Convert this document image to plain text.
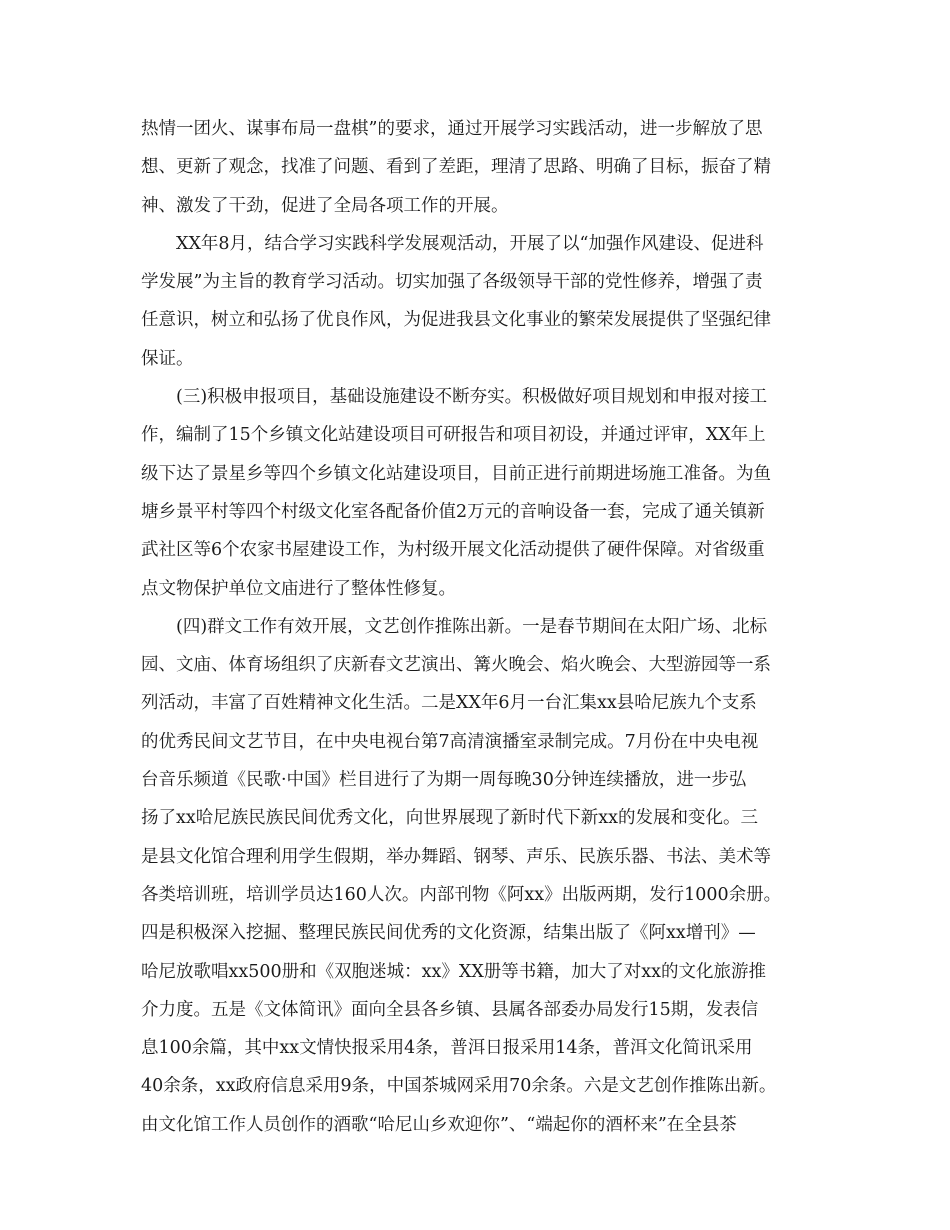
热情一团火、谋事布局一盘棋”的要求，通过开展学习实践活动，进一步解放了思
想、更新了观念，找准了问题、看到了差距，理清了思路、明确了目标，振奋了精
神、激发了干劲，促进了全局各项工作的开展。
XX年8月，结合学习实践科学发展观活动，开展了以“加强作风建设、促进科
学发展”为主旨的教育学习活动。切实加强了各级领导干部的党性修养，增强了责
任意识，树立和弘扬了优良作风，为促进我县文化事业的繁荣发展提供了坚强纪律
保证。
(三)积极申报项目，基础设施建设不断夯实。积极做好项目规划和申报对接工
作，编制了15个乡镇文化站建设项目可研报告和项目初设，并通过评审，XX年上
级下达了景星乡等四个乡镇文化站建设项目，目前正进行前期进场施工准备。为鱼
塘乡景平村等四个村级文化室各配备价值2万元的音响设备一套，完成了通关镇新
武社区等6个农家书屋建设工作，为村级开展文化活动提供了硬件保障。对省级重
点文物保护单位文庙进行了整体性修复。
(四)群文工作有效开展，文艺创作推陈出新。一是春节期间在太阳广场、北标
园、文庙、体育场组织了庆新春文艺演出、篝火晚会、焰火晚会、大型游园等一系
列活动，丰富了百姓精神文化生活。二是XX年6月一台汇集xx县哈尼族九个支系
的优秀民间文艺节目，在中央电视台第7高清演播室录制完成。7月份在中央电视
台音乐频道《民歌·中国》栏目进行了为期一周每晚30分钟连续播放，进一步弘
扬了xx哈尼族民族民间优秀文化，向世界展现了新时代下新xx的发展和变化。三
是县文化馆合理利用学生假期，举办舞蹈、钢琴、声乐、民族乐器、书法、美术等
各类培训班，培训学员达160人次。内部刊物《阿xx》出版两期，发行1000余册。
四是积极深入挖掘、整理民族民间优秀的文化资源，结集出版了《阿xx增刊》—
哈尼放歌唱xx500册和《双胞迷城：xx》XX册等书籍，加大了对xx的文化旅游推
介力度。五是《文体简讯》面向全县各乡镇、县属各部委办局发行15期，发表信
息100余篇，其中xx文情快报采用4条，普洱日报采用14条，普洱文化简讯采用
40余条，xx政府信息采用9条，中国茶城网采用70余条。六是文艺创作推陈出新。
由文化馆工作人员创作的酒歌“哈尼山乡欢迎你”、“端起你的酒杯来”在全县茶
